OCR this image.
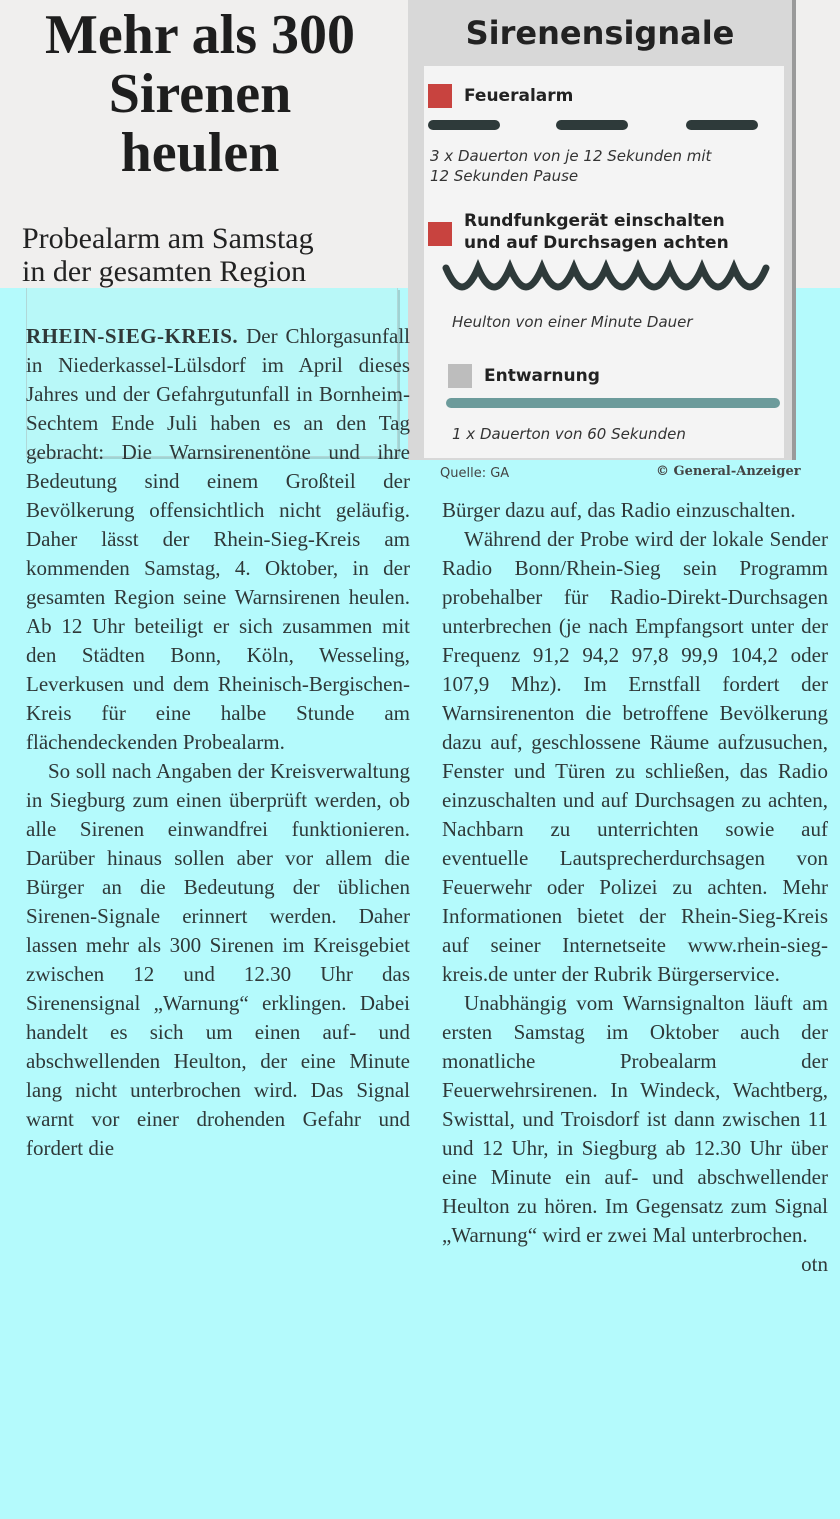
Mehr als 300
Sirenen
heulen
Probealarm am Samstag
in der gesamten Region
Sirenensignale
Feueralarm
3 x Dauerton von je 12 Sekunden mit
12 Sekunden Pause
Rundfunkgerät einschalten und auf Durchsagen achten
Heulton von einer Minute Dauer
Entwarnung
1 x Dauerton von 60 Sekunden
Quelle: GA	© General-Anzeiger

RHEIN-SIEG-KREIS. Der Chlorgasunfall in Niederkassel-Lülsdorf im April dieses Jahres und der Gefahrgutunfall in Bornheim-Sechtem Ende Juli haben es an den Tag gebracht: Die Warnsirenentöne und ihre Bedeutung sind einem Großteil der Bevölkerung offensichtlich nicht geläufig. Daher lässt der Rhein-Sieg-Kreis am kommenden Samstag, 4. Oktober, in der gesamten Region seine Warnsirenen heulen. Ab 12 Uhr beteiligt er sich zusammen mit den Städten Bonn, Köln, Wesseling, Leverkusen und dem Rheinisch-Bergischen-Kreis für eine halbe Stunde am flächendeckenden Probealarm.

So soll nach Angaben der Kreisverwaltung in Siegburg zum einen überprüft werden, ob alle Sirenen einwandfrei funktionieren. Darüber hinaus sollen aber vor allem die Bürger an die Bedeutung der üblichen Sirenen-Signale erinnert werden. Daher lassen mehr als 300 Sirenen im Kreisgebiet zwischen 12 und 12.30 Uhr das Sirenensignal „Warnung“ erklingen. Dabei handelt es sich um einen auf- und abschwellenden Heulton, der eine Minute lang nicht unterbrochen wird. Das Signal warnt vor einer drohenden Gefahr und fordert die

Bürger dazu auf, das Radio einzuschalten.

Während der Probe wird der lokale Sender Radio Bonn/Rhein-Sieg sein Programm probehalber für Radio-Direkt-Durchsagen unterbrechen (je nach Empfangsort unter der Frequenz 91,2 94,2 97,8 99,9 104,2 oder 107,9 Mhz). Im Ernstfall fordert der Warnsirenenton die betroffene Bevölkerung dazu auf, geschlossene Räume aufzusuchen, Fenster und Türen zu schließen, das Radio einzuschalten und auf Durchsagen zu achten, Nachbarn zu unterrichten sowie auf eventuelle Lautsprecherdurchsagen von Feuerwehr oder Polizei zu achten. Mehr Informationen bietet der Rhein-Sieg-Kreis auf seiner Internetseite www.rhein-sieg-kreis.de unter der Rubrik Bürgerservice.

Unabhängig vom Warnsignalton läuft am ersten Samstag im Oktober auch der monatliche Probealarm der Feuerwehrsirenen. In Windeck, Wachtberg, Swisttal, und Troisdorf ist dann zwischen 11 und 12 Uhr, in Siegburg ab 12.30 Uhr über eine Minute ein auf- und abschwellender Heulton zu hören. Im Gegensatz zum Signal „Warnung“ wird er zwei Mal unterbrochen.
otn
